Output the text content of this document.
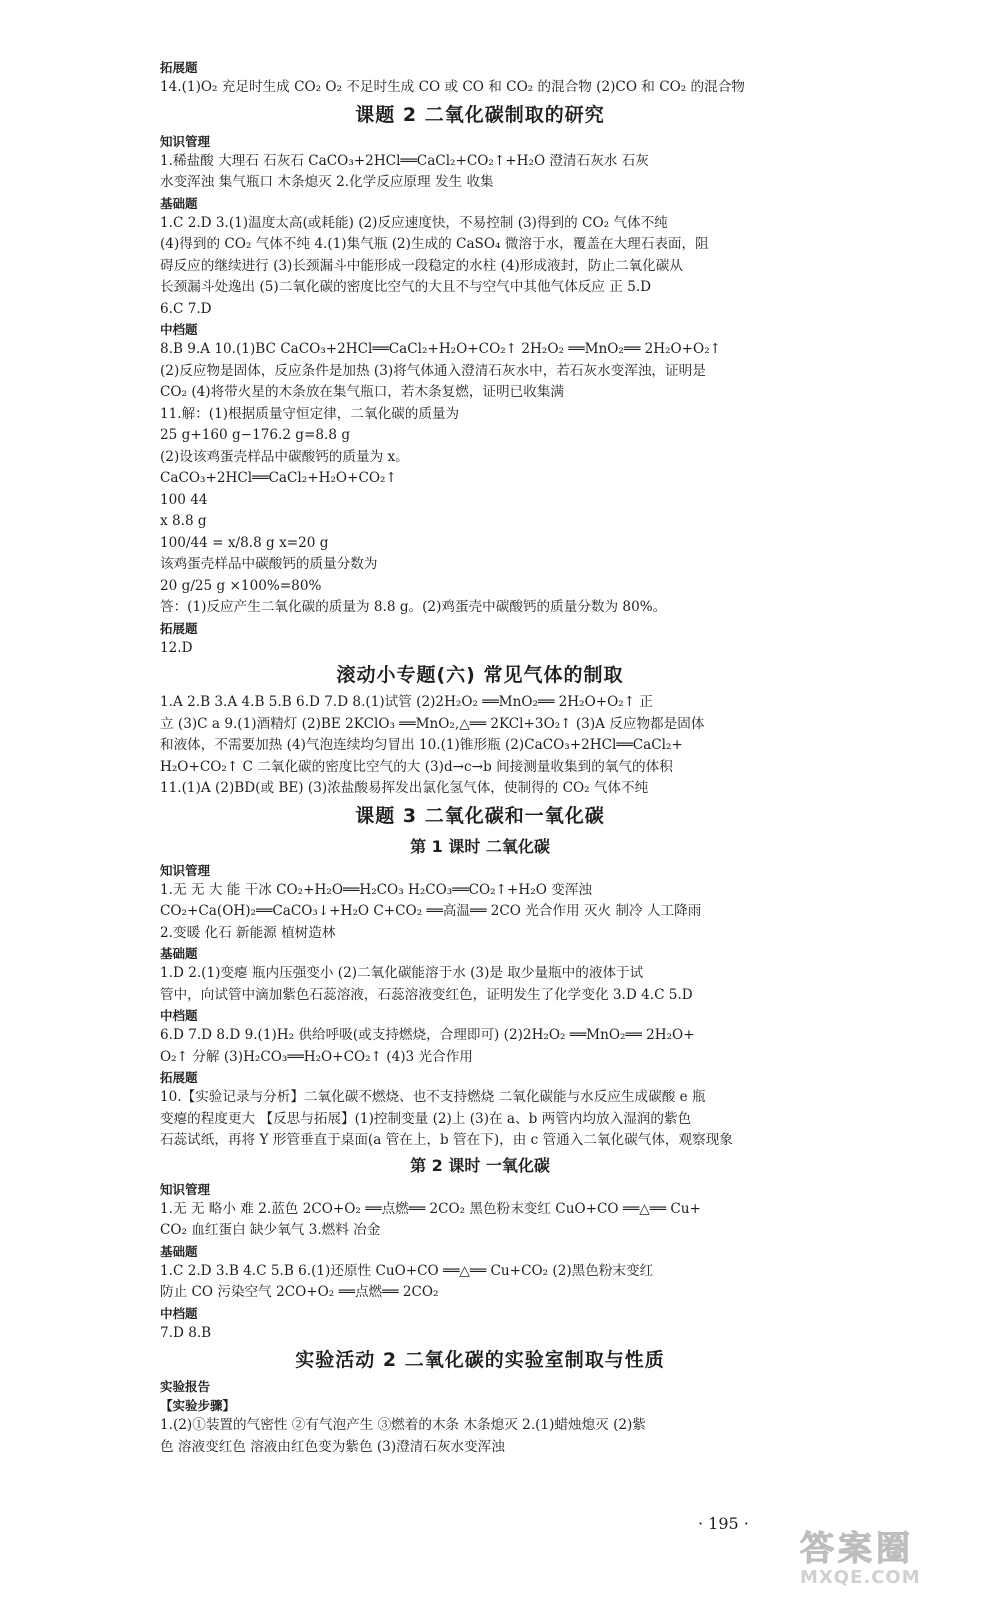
拓展题
14.(1)O₂ 充足时生成 CO₂ O₂ 不足时生成 CO 或 CO 和 CO₂ 的混合物 (2)CO 和 CO₂ 的混合物
课题 2 二氧化碳制取的研究
知识管理
1.稀盐酸 大理石 石灰石 CaCO₃+2HCl══CaCl₂+CO₂↑+H₂O 澄清石灰水 石灰
水变浑浊 集气瓶口 木条熄灭 2.化学反应原理 发生 收集
基础题
1.C 2.D 3.(1)温度太高(或耗能) (2)反应速度快，不易控制 (3)得到的 CO₂ 气体不纯
(4)得到的 CO₂ 气体不纯 4.(1)集气瓶 (2)生成的 CaSO₄ 微溶于水，覆盖在大理石表面，阻
碍反应的继续进行 (3)长颈漏斗中能形成一段稳定的水柱 (4)形成液封，防止二氧化碳从
长颈漏斗处逸出 (5)二氧化碳的密度比空气的大且不与空气中其他气体反应 正 5.D
6.C 7.D
中档题
8.B 9.A 10.(1)BC CaCO₃+2HCl══CaCl₂+H₂O+CO₂↑ 2H₂O₂ ══MnO₂══ 2H₂O+O₂↑
(2)反应物是固体，反应条件是加热 (3)将气体通入澄清石灰水中，若石灰水变浑浊，证明是
CO₂ (4)将带火星的木条放在集气瓶口，若木条复燃，证明已收集满
11.解：(1)根据质量守恒定律，二氧化碳的质量为
25 g+160 g−176.2 g=8.8 g
(2)设该鸡蛋壳样品中碳酸钙的质量为 x。
CaCO₃+2HCl══CaCl₂+H₂O+CO₂↑
100 44
x 8.8 g
100/44 = x/8.8 g x=20 g
该鸡蛋壳样品中碳酸钙的质量分数为
20 g/25 g ×100%=80%
答：(1)反应产生二氧化碳的质量为 8.8 g。(2)鸡蛋壳中碳酸钙的质量分数为 80%。
拓展题
12.D
滚动小专题(六) 常见气体的制取
1.A 2.B 3.A 4.B 5.B 6.D 7.D 8.(1)试管 (2)2H₂O₂ ══MnO₂══ 2H₂O+O₂↑ 正
立 (3)C a 9.(1)酒精灯 (2)BE 2KClO₃ ══MnO₂,△══ 2KCl+3O₂↑ (3)A 反应物都是固体
和液体，不需要加热 (4)气泡连续均匀冒出 10.(1)锥形瓶 (2)CaCO₃+2HCl══CaCl₂+
H₂O+CO₂↑ C 二氧化碳的密度比空气的大 (3)d→c→b 间接测量收集到的氧气的体积
11.(1)A (2)BD(或 BE) (3)浓盐酸易挥发出氯化氢气体，使制得的 CO₂ 气体不纯
课题 3 二氧化碳和一氧化碳
第 1 课时 二氧化碳
知识管理
1.无 无 大 能 干冰 CO₂+H₂O══H₂CO₃ H₂CO₃══CO₂↑+H₂O 变浑浊
CO₂+Ca(OH)₂══CaCO₃↓+H₂O C+CO₂ ══高温══ 2CO 光合作用 灭火 制冷 人工降雨
2.变暖 化石 新能源 植树造林
基础题
1.D 2.(1)变瘪 瓶内压强变小 (2)二氧化碳能溶于水 (3)是 取少量瓶中的液体于试
管中，向试管中滴加紫色石蕊溶液，石蕊溶液变红色，证明发生了化学变化 3.D 4.C 5.D
中档题
6.D 7.D 8.D 9.(1)H₂ 供给呼吸(或支持燃烧，合理即可) (2)2H₂O₂ ══MnO₂══ 2H₂O+
O₂↑ 分解 (3)H₂CO₃══H₂O+CO₂↑ (4)3 光合作用
拓展题
10.【实验记录与分析】二氧化碳不燃烧、也不支持燃烧 二氧化碳能与水反应生成碳酸 e 瓶
变瘪的程度更大 【反思与拓展】(1)控制变量 (2)上 (3)在 a、b 两管内均放入湿润的紫色
石蕊试纸，再将 Y 形管垂直于桌面(a 管在上，b 管在下)，由 c 管通入二氧化碳气体，观察现象
第 2 课时 一氧化碳
知识管理
1.无 无 略小 难 2.蓝色 2CO+O₂ ══点燃══ 2CO₂ 黑色粉末变红 CuO+CO ══△══ Cu+
CO₂ 血红蛋白 缺少氧气 3.燃料 冶金
基础题
1.C 2.D 3.B 4.C 5.B 6.(1)还原性 CuO+CO ══△══ Cu+CO₂ (2)黑色粉末变红
防止 CO 污染空气 2CO+O₂ ══点燃══ 2CO₂
中档题
7.D 8.B
实验活动 2 二氧化碳的实验室制取与性质
实验报告
【实验步骤】
1.(2)①装置的气密性 ②有气泡产生 ③燃着的木条 木条熄灭 2.(1)蜡烛熄灭 (2)紫
色 溶液变红色 溶液由红色变为紫色 (3)澄清石灰水变浑浊
· 195 ·
答案圈
MXQE.COM
